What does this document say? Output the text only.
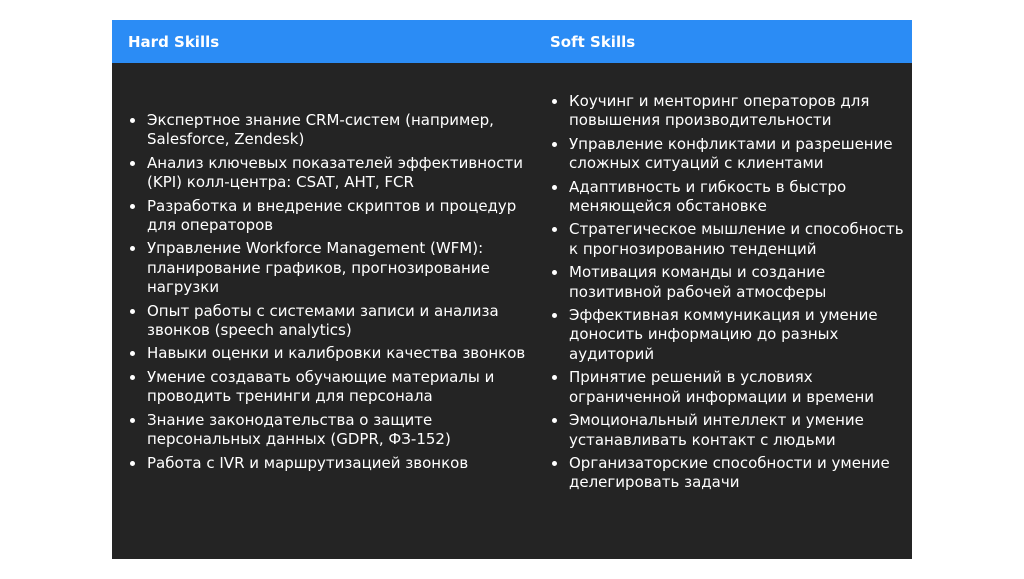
Hard Skills	Soft Skills
Экспертное знание CRM-систем (например, Salesforce, Zendesk)
Анализ ключевых показателей эффективности (KPI) колл-центра: CSAT, AHT, FCR
Разработка и внедрение скриптов и процедур для операторов
Управление Workforce Management (WFM): планирование графиков, прогнозирование нагрузки
Опыт работы с системами записи и анализа звонков (speech analytics)
Навыки оценки и калибровки качества звонков
Умение создавать обучающие материалы и проводить тренинги для персонала
Знание законодательства о защите персональных данных (GDPR, ФЗ-152)
Работа с IVR и маршрутизацией звонков
Коучинг и менторинг операторов для повышения производительности
Управление конфликтами и разрешение сложных ситуаций с клиентами
Адаптивность и гибкость в быстро меняющейся обстановке
Стратегическое мышление и способность к прогнозированию тенденций
Мотивация команды и создание позитивной рабочей атмосферы
Эффективная коммуникация и умение доносить информацию до разных аудиторий
Принятие решений в условиях ограниченной информации и времени
Эмоциональный интеллект и умение устанавливать контакт с людьми
Организаторские способности и умение делегировать задачи
